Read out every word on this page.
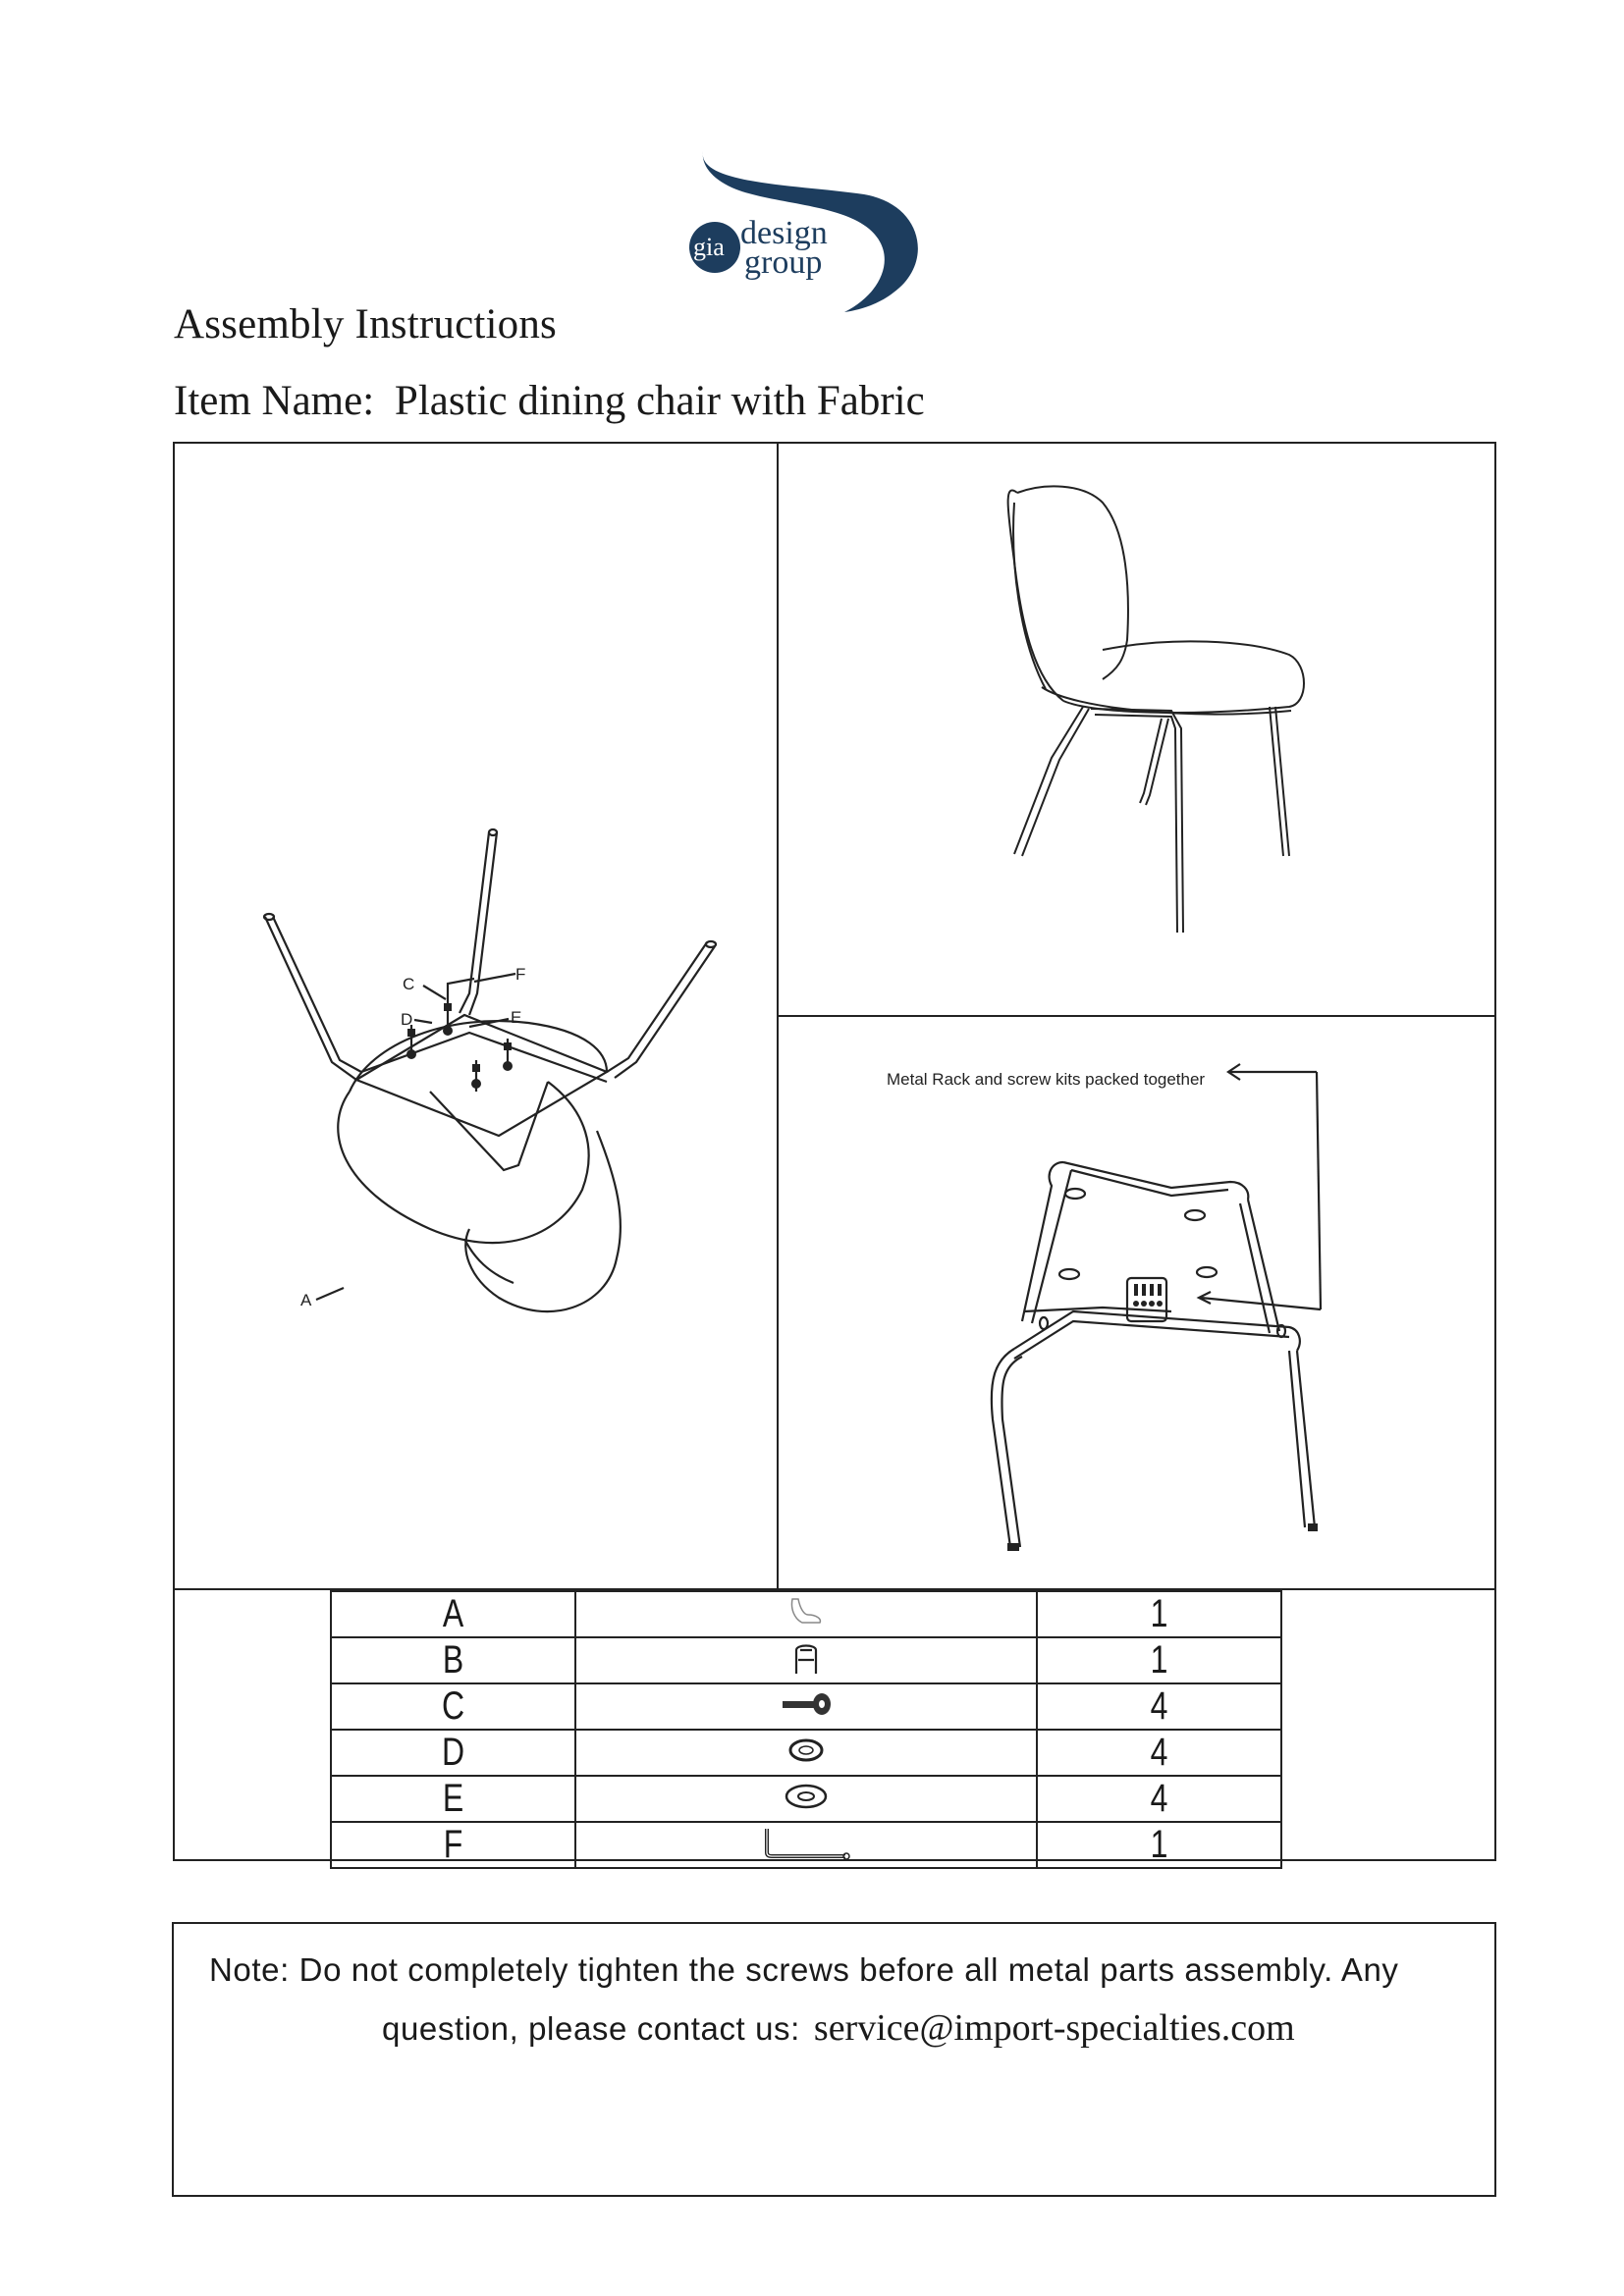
gia design
group
Assembly Instructions
Item Name: Plastic dining chair with Fabric
C
D
F
E
A
Metal Rack and screw kits packed together
A		1
B		1
C		4
D		4
E		4
F		1
Note: Do not completely tighten the screws before all metal parts assembly. Any
question, please contact us: service@import-specialties.com
